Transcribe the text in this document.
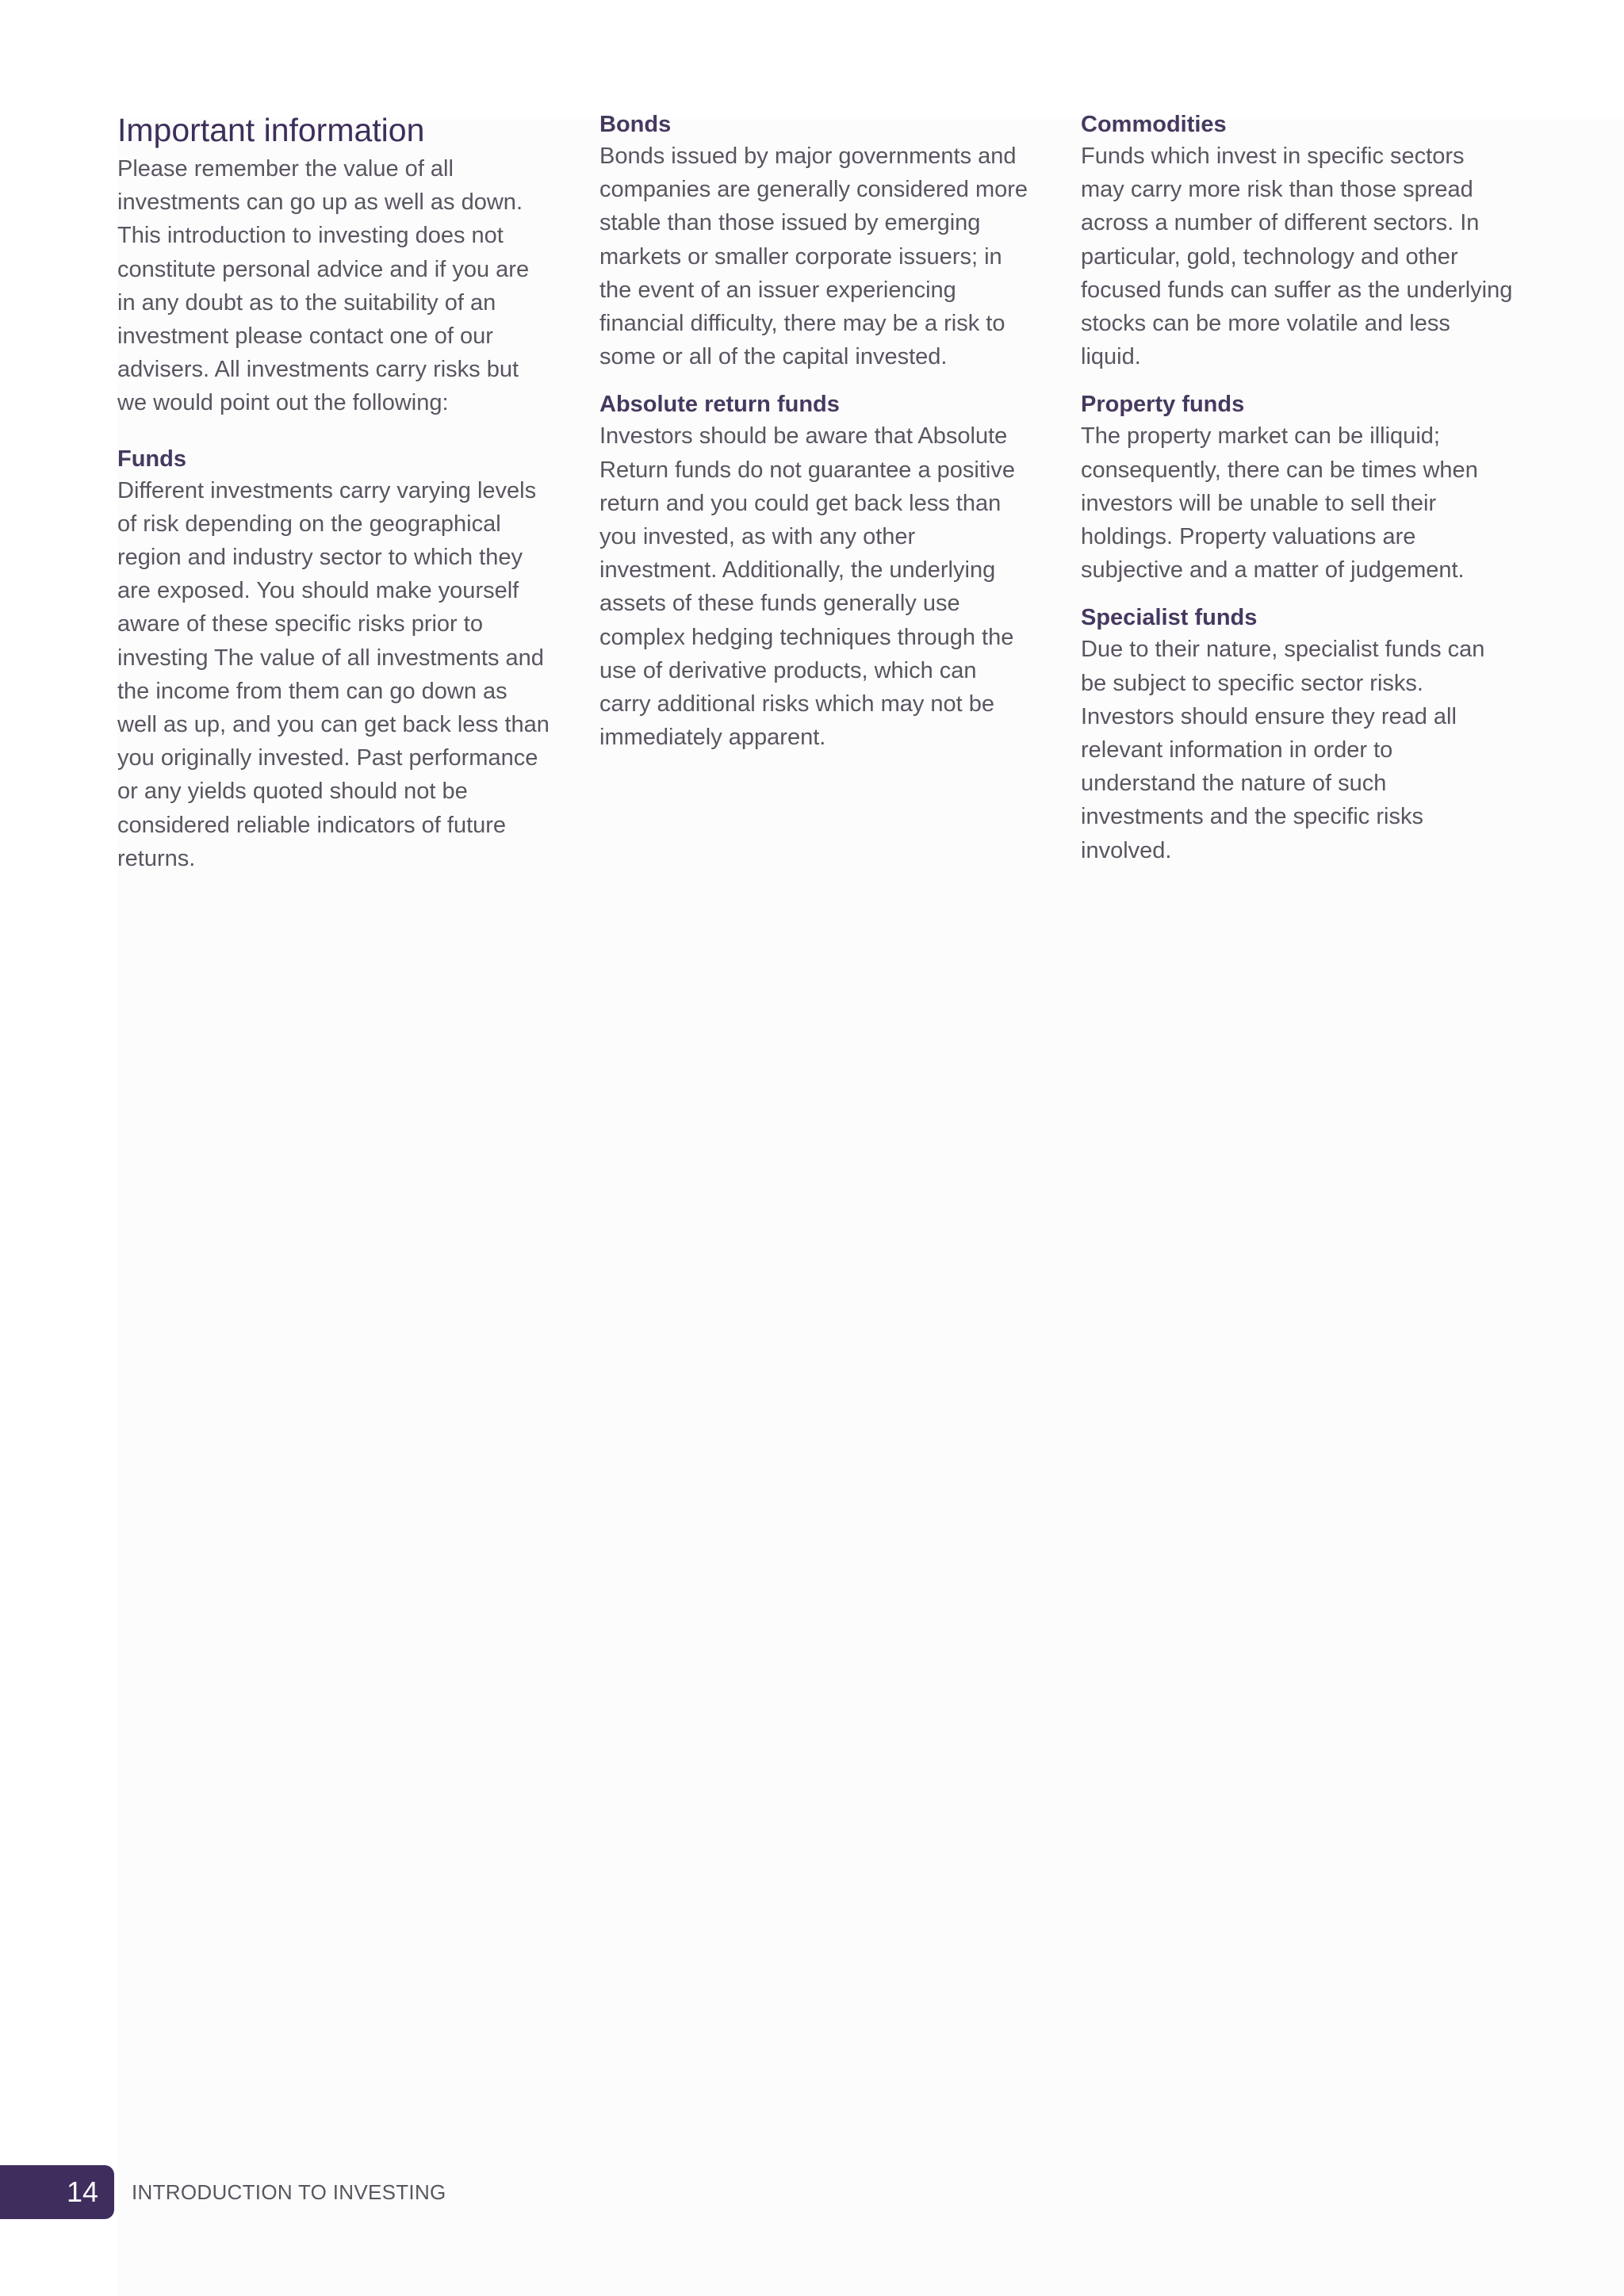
Important information

Please remember the value of all investments can go up as well as down. This introduction to investing does not constitute personal advice and if you are in any doubt as to the suitability of an investment please contact one of our advisers. All investments carry risks but we would point out the following:

Funds

Different investments carry varying levels of risk depending on the geographical region and industry sector to which they are exposed. You should make yourself aware of these specific risks prior to investing The value of all investments and the income from them can go down as well as up, and you can get back less than you originally invested. Past performance or any yields quoted should not be considered reliable indicators of future returns.

Bonds

Bonds issued by major governments and companies are generally considered more stable than those issued by emerging markets or smaller corporate issuers; in the event of an issuer experiencing financial difficulty, there may be a risk to some or all of the capital invested.

Absolute return funds

Investors should be aware that Absolute Return funds do not guarantee a positive return and you could get back less than you invested, as with any other investment. Additionally, the underlying assets of these funds generally use complex hedging techniques through the use of derivative products, which can carry additional risks which may not be immediately apparent.

Commodities

Funds which invest in specific sectors may carry more risk than those spread across a number of different sectors. In particular, gold, technology and other focused funds can suffer as the underlying stocks can be more volatile and less liquid.

Property funds

The property market can be illiquid; consequently, there can be times when investors will be unable to sell their holdings. Property valuations are subjective and a matter of judgement.

Specialist funds

Due to their nature, specialist funds can be subject to specific sector risks. Investors should ensure they read all relevant information in order to understand the nature of such investments and the specific risks involved.

14	INTRODUCTION TO INVESTING
